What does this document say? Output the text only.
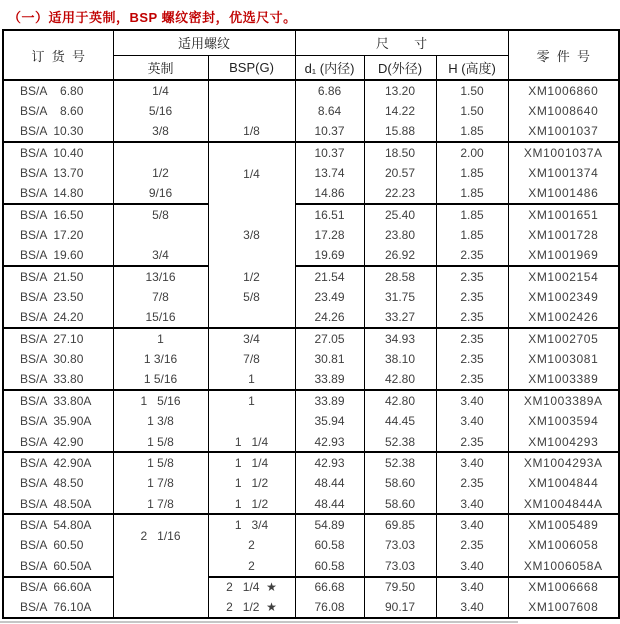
（一）适用于英制，BSP 螺纹密封，优选尺寸。
订  货  号	适用螺纹		尺       寸			零  件  号
	英制	BSP(G)	d₁ (内径)	D(外径)	H (高度)	
BS/A    6.80	1/4		6.86	13.20	1.50	XM1006860
BS/A    8.60	5/16		8.64	14.22	1.50	XM1008640
BS/A  10.30	3/8	1/8	10.37	15.88	1.85	XM1001037
BS/A  10.40		1/4	10.37	18.50	2.00	XM1001037A
BS/A  13.70	1/2		13.74	20.57	1.85	XM1001374
BS/A  14.80	9/16		14.86	22.23	1.85	XM1001486
BS/A  16.50	5/8	3/8	16.51	25.40	1.85	XM1001651
BS/A  17.20			17.28	23.80	1.85	XM1001728
BS/A  19.60	3/4		19.69	26.92	2.35	XM1001969
BS/A  21.50	13/16	1/2	21.54	28.58	2.35	XM1002154
BS/A  23.50	7/8	5/8	23.49	31.75	2.35	XM1002349
BS/A  24.20	15/16		24.26	33.27	2.35	XM1002426
BS/A  27.10	1	3/4	27.05	34.93	2.35	XM1002705
BS/A  30.80	1 3/16	7/8	30.81	38.10	2.35	XM1003081
BS/A  33.80	1 5/16	1	33.89	42.80	2.35	XM1003389
BS/A  33.80A	1   5/16	1	33.89	42.80	3.40	XM1003389A
BS/A  35.90A	1 3/8		35.94	44.45	3.40	XM1003594
BS/A  42.90	1 5/8	1   1/4	42.93	52.38	2.35	XM1004293
BS/A  42.90A	1 5/8	1   1/4	42.93	52.38	3.40	XM1004293A
BS/A  48.50	1 7/8	1   1/2	48.44	58.60	2.35	XM1004844
BS/A  48.50A	1 7/8	1   1/2	48.44	58.60	3.40	XM1004844A
BS/A  54.80A	2   1/16	1   3/4	54.89	69.85	3.40	XM1005489
BS/A  60.50		2	60.58	73.03	2.35	XM1006058
BS/A  60.50A		2	60.58	73.03	3.40	XM1006058A
BS/A  66.60A		2   1/4  ★	66.68	79.50	3.40	XM1006668
BS/A  76.10A		2   1/2  ★	76.08	90.17	3.40	XM1007608
